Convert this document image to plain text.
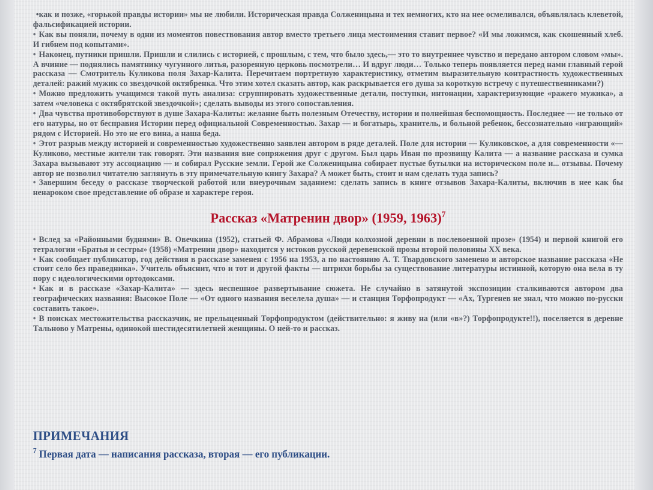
•как и позже, «горькой правды истории» мы не любили. Историческая правда Солженицына и тех немногих, кто на нее осмеливался, объявлялась клеветой, фальсификацией истории.

• Как вы поняли, почему в одни из моментов повествования автор вместо третьего лица местоимения ставит первое? «И мы ложимся, как скошенный хлеб. И гибнем под копытами».

• Наконец, путники пришли. Пришли и слились с историей, с прошлым, с тем, что было здесь,— это то внутреннее чувство и передано автором словом «мы». А вчиние — поднялись памятнику чугунного литья, разоренную церковь посмотрели… И вдруг люди… Только теперь появляется перед нами главный герой рассказа — Смотритель Куликова поля Захар-Калита. Перечитаем портретную характеристику, отметим выразительную контрастность художественных деталей: ражий мужик со звездочкой октябренка. Что этим хотел сказать автор, как раскрывается его душа за короткую встречу с путешественниками?)

• Можно предложить учащимся такой путь анализа: сгруппировать художественные детали, поступки, интонации, характеризующие «ражего мужика», а затем «человека с октябрятской звездочкой»; сделать выводы из этого сопоставления.

• Два чувства противоборствуют в душе Захара-Калиты: желание быть полезным Отечеству, истории и полнейшая беспомощность. Последнее — не только от его натуры, но от бесправия Истории перед официальной Современностью. Захар — и богатырь, хранитель, и больной ребенок, бессознательно «играющий» рядом с Историей. Но это не его вина, а наша беда.

• Этот разрыв между историей и современностью художественно заявлен автором в ряде деталей. Поле для истории — Куликовское, а для современности «— Куликово, местные жители так говорят. Эти названия вне сопряжения друг с другом. Был царь Иван по прозвищу Калита — а название рассказа и сумка Захара вызывают эту ассоциацию — и собирал Русские земли. Герой же Солженицына собирает пустые бутылки на историческом поле и... отзывы. Почему автор не позволил читателю заглянуть в эту примечательную книгу Захара? А может быть, стоит и нам сделать туда запись?

• Завершим беседу о рассказе творческой работой или внеурочным заданием: сделать запись в книге отзывов Захара-Калиты, включив в нее как бы ненароком свое представление об образе и характере героя.

Рассказ «Матренин двор» (1959, 1963)$^7$

• Вслед за «Районными буднями» В. Овечкина (1952), статьей Ф. Абрамова «Люди колхозной деревни в послевоенной прозе» (1954) и первой книгой его тетралогии «Братья и сестры» (1958) «Матренин двор» находится у истоков русской деревенской прозы второй половины XX века.

• Как сообщает публикатор, год действия в рассказе заменен с 1956 на 1953, а по настоянию А. Т. Твардовского заменено и авторское название рассказа «Не стоит село без праведника». Учитель объяснит, что и тот и другой факты — штрихи борьбы за существование литературы истинной, которую она вела в ту пору с идеологическими ортодоксами.

• Как и в рассказе «Захар-Калита» — здесь неспешное развертывание сюжета. Не случайно в затянутой экспозиции сталкиваются автором два географических названия: Высокое Поле — «От одного названия веселела душа» — и станция Торфопродукт — «Ах, Тургенев не знал, что можно по-русски составить такое».

• В поисках местожительства рассказчик, не прельщенный Торфопродуктом (действительно: я живу на (или «в»?) Торфопродукте!!), поселяется в деревне Тальново у Матрены, одинокой шестидесятилетней женщины. О ней-то и рассказ.

ПРИМЕЧАНИЯ
$^7$ Первая дата — написания рассказа, вторая — его публикации.
